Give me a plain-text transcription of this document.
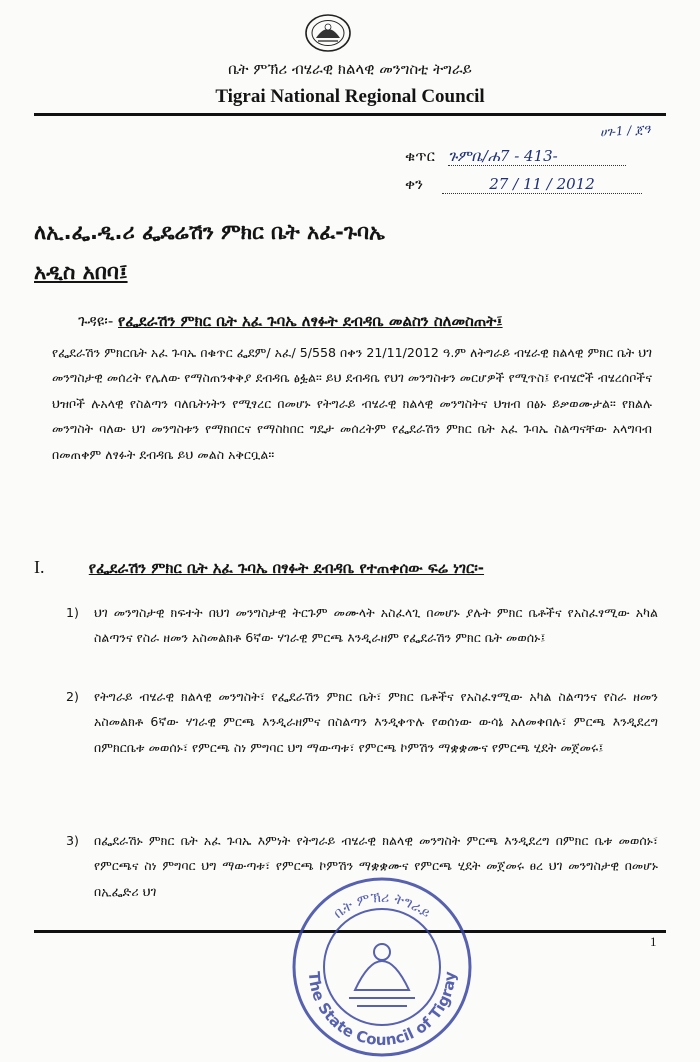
ቤት ምኽሪ ብሄራዊ ክልላዊ መንግስቲ ትግራይ
Tigrai National Regional Council
ቁጥር ጉምቤ/ሐ7 - 413-
ቀን	27 / 11 / 2012
ሀገ-1 / ጀዓ
ለኢ.ፌ.ዲ.ሪ ፌዴሬሽን ምክር ቤት አፈ-ጉባኤ
አዲስ አበባ፤
ጉዳዩ፡- የፌደራሽን ምክር ቤት አፈ ጉባኤ ለፃፉት ደብዳቤ መልስን ስለመስጠት፤
የፌደራሽን ምክርቤት አፈ ጉባኤ በቁጥር ፌደም/ አፈ/ 5/558 በቀን 21/11/2012 ዓ.ም ለትግራይ ብሄራዊ ክልላዊ ምክር ቤት ህገ መንግስታዊ መሰረት የሌለው የማስጠንቀቅያ ደብዳቤ ፅፏል። ይህ ደብዳቤ የህገ መንግስቱን መርሆዎች የሚጥስ፤ የብሄሮች ብሄረሰቦችና ህዝቦች ሉአላዊ የስልጣን ባለቤትነትን የሚፃረር በመሆኑ የትግራይ ብሄራዊ ክልላዊ መንግስትና ህዝብ በፅኑ ይቃወሙታል። የክልሉ መንግስት ባለው ህገ መንግስቱን የማክበርና የማስከበር ግዴታ መሰረትም የፌደራሽን ምክር ቤት አፈ ጉባኤ ስልጣናቸው አላግባብ በመጠቀም ለፃፉት ደብዳቤ ይህ መልስ አቅርቧል።
I.	የፌደራሽን ምክር ቤት አፈ ጉባኤ በፃፉት ደብዳቤ የተጠቀሰው ፍሬ ነገር፡-
1) ህገ መንግስታዊ ክፍተት በህገ መንግስታዊ ትርጉም መሙላት አስፈላጊ በመሆኑ ያሉት ምክር ቤቶችና የአስፈፃሚው አካል ስልጣንና የስራ ዘመን አስመልክቶ 6ኛው ሃገራዊ ምርጫ እንዲራዘም የፌደራሽን ምክር ቤት መወሰኑ፤
2) የትግራይ ብሄራዊ ክልላዊ መንግስት፣ የፌደራሽን ምክር ቤት፣ ምክር ቤቶችና የአስፈፃሚው አካል ስልጣንና የስራ ዘመን አስመልክቶ 6ኛው ሃገራዊ ምርጫ እንዲራዘምና በስልጣን እንዲቀጥሉ የወሰነው ውሳኔ አለመቀበሉ፣ ምርጫ እንዲደረግ በምክርቤቱ መወሰኑ፣ የምርጫ ስነ ምግባር ህግ ማውጣቱ፣ የምርጫ ኮምሽን ማቋቋሙና የምርጫ ሂደት መጀመሩ፤
3) በፌደራሽኑ ምክር ቤት አፈ ጉባኤ እምነት የትግራይ ብሄራዊ ክልላዊ መንግስት ምርጫ እንዲደረግ በምክር ቤቱ መወሰኑ፣ የምርጫና ስነ ምግባር ህግ ማውጣቱ፣ የምርጫ ኮምሽን ማቋቋሙና የምርጫ ሂደት መጀመሩ ፀረ ህገ መንግስታዊ በመሆኑ በኢፌድሪ ህገ
1
ቤት ምኽሪ ትግራይ
The State Council of Tigray
